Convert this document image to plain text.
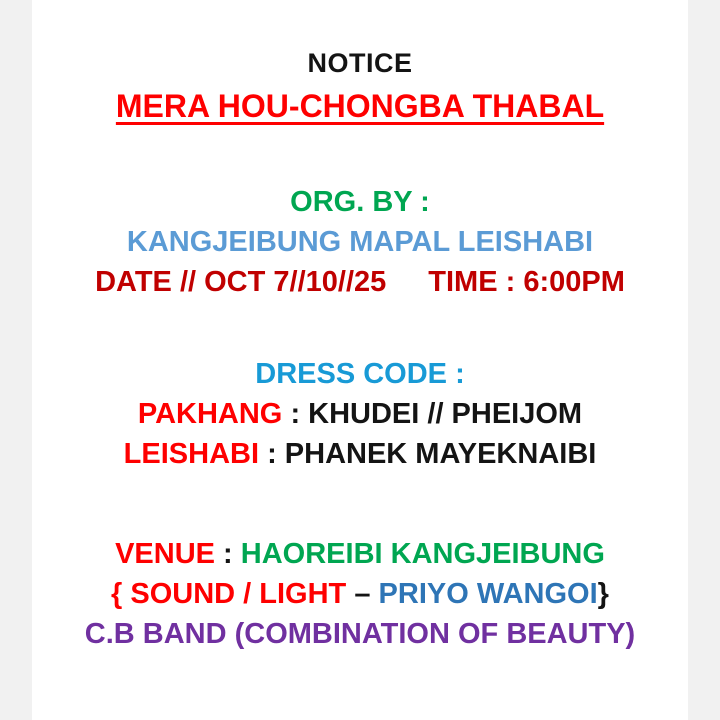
NOTICE
MERA HOU-CHONGBA THABAL
ORG. BY :
KANGJEIBUNG MAPAL LEISHABI
DATE // OCT 7//10//25 TIME : 6:00PM
DRESS CODE :
PAKHANG : KHUDEI // PHEIJOM
LEISHABI : PHANEK MAYEKNAIBI
VENUE : HAOREIBI KANGJEIBUNG
{ SOUND / LIGHT – PRIYO WANGOI}
C.B BAND (COMBINATION OF BEAUTY)
